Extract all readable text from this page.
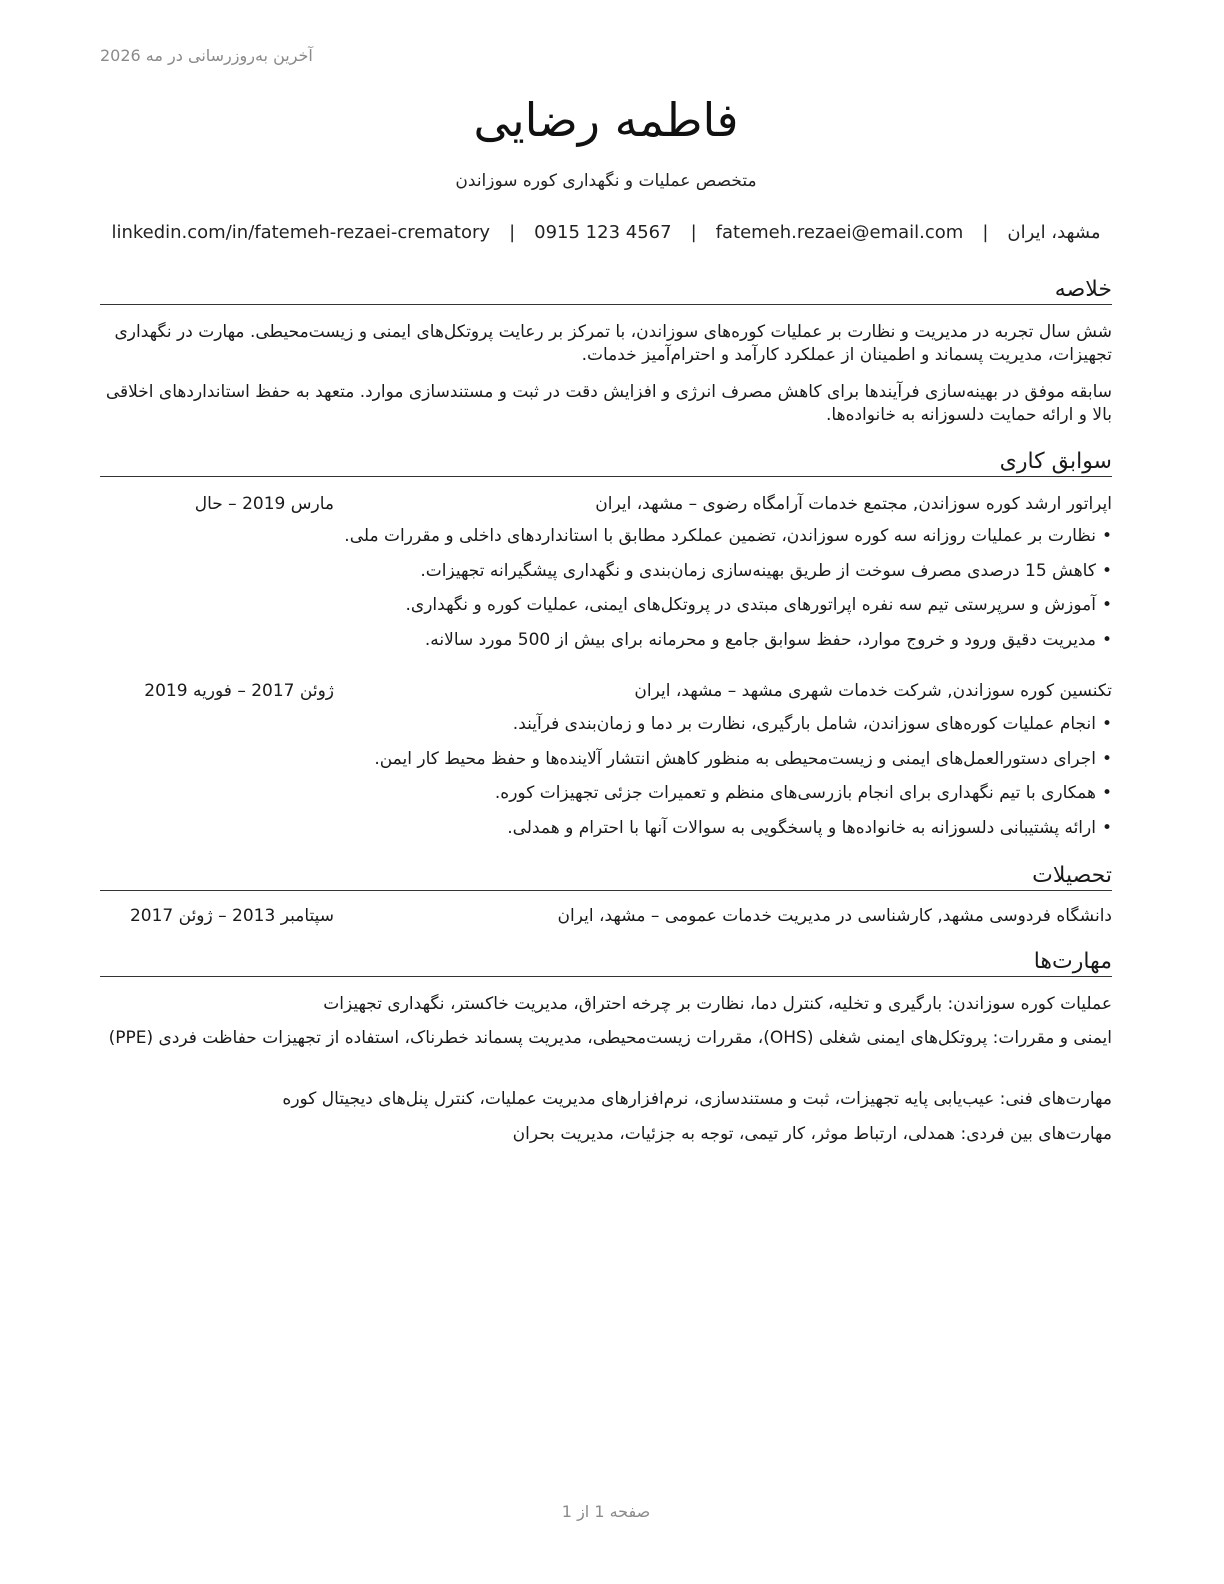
آخرین به‌روزرسانی در مه 2026
فاطمه رضایی
متخصص عملیات و نگهداری کوره سوزاندن
مشهد، ایران
|
fatemeh.rezaei@email.com
|
0915 123 4567
|
linkedin.com/in/fatemeh-rezaei-crematory
خلاصه
شش سال تجربه در مدیریت و نظارت بر عملیات کوره‌های سوزاندن، با تمرکز بر رعایت پروتکل‌های ایمنی و زیست‌محیطی. مهارت در نگهداری تجهیزات، مدیریت پسماند و اطمینان از عملکرد کارآمد و احترام‌آمیز خدمات.
سابقه موفق در بهینه‌سازی فرآیندها برای کاهش مصرف انرژی و افزایش دقت در ثبت و مستندسازی موارد. متعهد به حفظ استانداردهای اخلاقی بالا و ارائه حمایت دلسوزانه به خانواده‌ها.
سوابق کاری
اپراتور ارشد کوره سوزاندن, مجتمع خدمات آرامگاه رضوی – مشهد، ایران
مارس 2019 – حال
•نظارت بر عملیات روزانه سه کوره سوزاندن، تضمین عملکرد مطابق با استانداردهای داخلی و مقررات ملی.
•کاهش 15 درصدی مصرف سوخت از طریق بهینه‌سازی زمان‌بندی و نگهداری پیشگیرانه تجهیزات.
•آموزش و سرپرستی تیم سه نفره اپراتورهای مبتدی در پروتکل‌های ایمنی، عملیات کوره و نگهداری.
•مدیریت دقیق ورود و خروج موارد، حفظ سوابق جامع و محرمانه برای بیش از 500 مورد سالانه.
تکنسین کوره سوزاندن, شرکت خدمات شهری مشهد – مشهد، ایران
ژوئن 2017 – فوریه 2019
•انجام عملیات کوره‌های سوزاندن، شامل بارگیری، نظارت بر دما و زمان‌بندی فرآیند.
•اجرای دستورالعمل‌های ایمنی و زیست‌محیطی به منظور کاهش انتشار آلاینده‌ها و حفظ محیط کار ایمن.
•همکاری با تیم نگهداری برای انجام بازرسی‌های منظم و تعمیرات جزئی تجهیزات کوره.
•ارائه پشتیبانی دلسوزانه به خانواده‌ها و پاسخگویی به سوالات آنها با احترام و همدلی.
تحصیلات
دانشگاه فردوسی مشهد, کارشناسی در مدیریت خدمات عمومی – مشهد، ایران
سپتامبر 2013 – ژوئن 2017
مهارت‌ها
عملیات کوره سوزاندن: بارگیری و تخلیه، کنترل دما، نظارت بر چرخه احتراق، مدیریت خاکستر، نگهداری تجهیزات
ایمنی و مقررات: پروتکل‌های ایمنی شغلی (OHS)، مقررات زیست‌محیطی، مدیریت پسماند خطرناک، استفاده از تجهیزات حفاظت فردی (PPE)
مهارت‌های فنی: عیب‌یابی پایه تجهیزات، ثبت و مستندسازی، نرم‌افزارهای مدیریت عملیات، کنترل پنل‌های دیجیتال کوره
مهارت‌های بین فردی: همدلی، ارتباط موثر، کار تیمی، توجه به جزئیات، مدیریت بحران
صفحه 1 از 1
